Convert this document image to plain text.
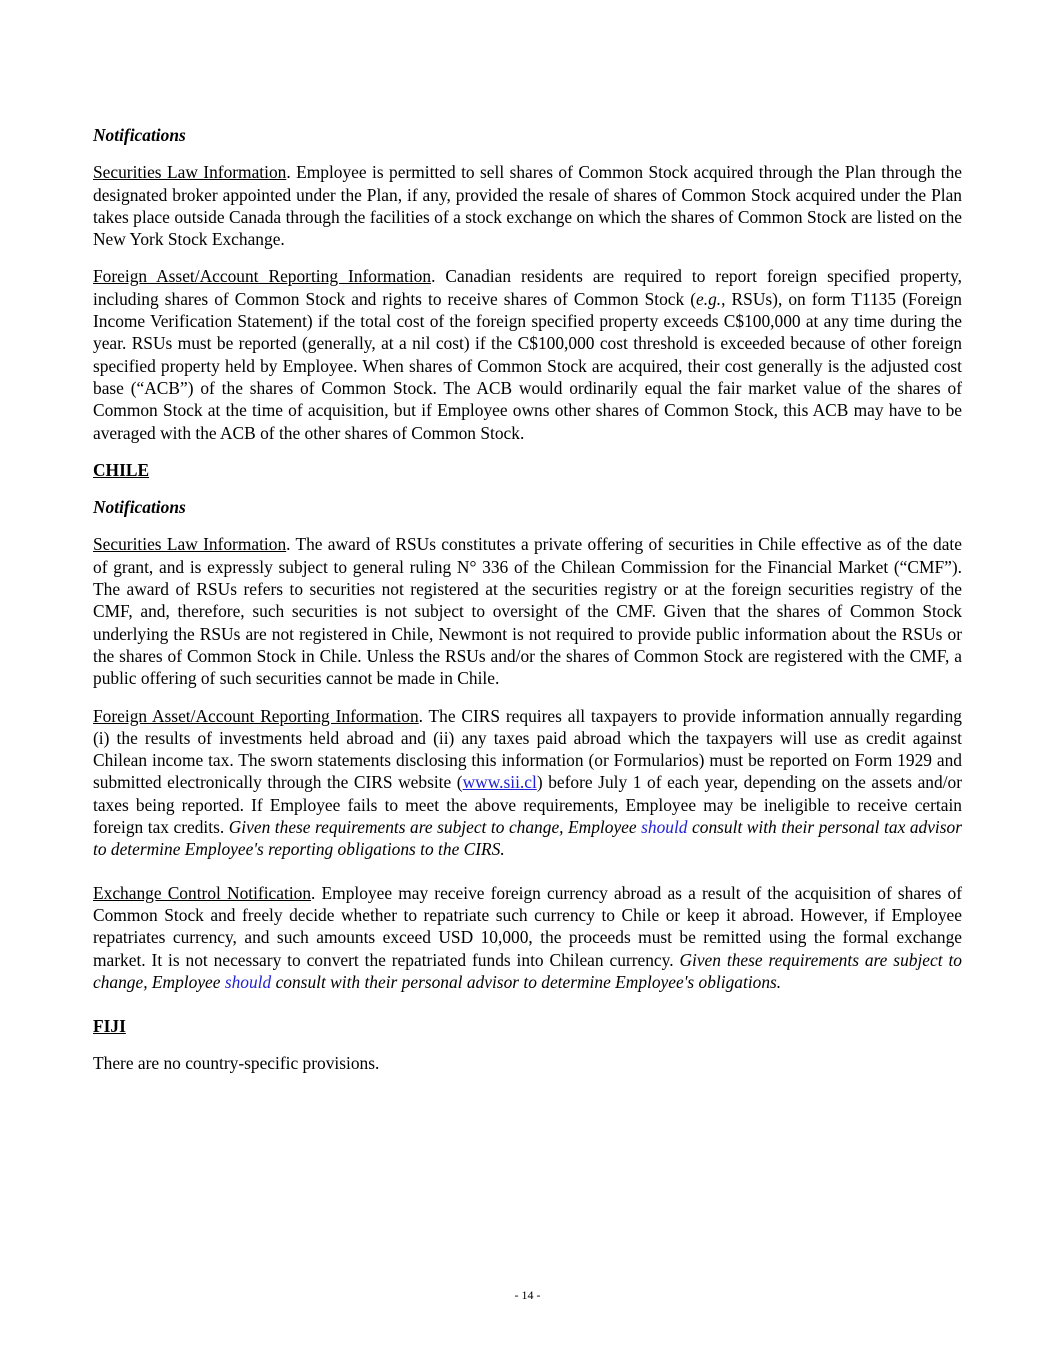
Notifications

Securities Law Information. Employee is permitted to sell shares of Common Stock acquired through the Plan through the designated broker appointed under the Plan, if any, provided the resale of shares of Common Stock acquired under the Plan takes place outside Canada through the facilities of a stock exchange on which the shares of Common Stock are listed on the New York Stock Exchange.

Foreign Asset/Account Reporting Information. Canadian residents are required to report foreign specified property, including shares of Common Stock and rights to receive shares of Common Stock (e.g., RSUs), on form T1135 (Foreign Income Verification Statement) if the total cost of the foreign specified property exceeds C$100,000 at any time during the year. RSUs must be reported (generally, at a nil cost) if the C$100,000 cost threshold is exceeded because of other foreign specified property held by Employee. When shares of Common Stock are acquired, their cost generally is the adjusted cost base (“ACB”) of the shares of Common Stock. The ACB would ordinarily equal the fair market value of the shares of Common Stock at the time of acquisition, but if Employee owns other shares of Common Stock, this ACB may have to be averaged with the ACB of the other shares of Common Stock.

CHILE

Notifications

Securities Law Information. The award of RSUs constitutes a private offering of securities in Chile effective as of the date of grant, and is expressly subject to general ruling N° 336 of the Chilean Commission for the Financial Market (“CMF”). The award of RSUs refers to securities not registered at the securities registry or at the foreign securities registry of the CMF, and, therefore, such securities is not subject to oversight of the CMF. Given that the shares of Common Stock underlying the RSUs are not registered in Chile, Newmont is not required to provide public information about the RSUs or the shares of Common Stock in Chile. Unless the RSUs and/or the shares of Common Stock are registered with the CMF, a public offering of such securities cannot be made in Chile.

Foreign Asset/Account Reporting Information. The CIRS requires all taxpayers to provide information annually regarding (i) the results of investments held abroad and (ii) any taxes paid abroad which the taxpayers will use as credit against Chilean income tax. The sworn statements disclosing this information (or Formularios) must be reported on Form 1929 and submitted electronically through the CIRS website (www.sii.cl) before July 1 of each year, depending on the assets and/or taxes being reported. If Employee fails to meet the above requirements, Employee may be ineligible to receive certain foreign tax credits. Given these requirements are subject to change, Employee should consult with their personal tax advisor to determine Employee's reporting obligations to the CIRS.

Exchange Control Notification. Employee may receive foreign currency abroad as a result of the acquisition of shares of Common Stock and freely decide whether to repatriate such currency to Chile or keep it abroad. However, if Employee repatriates currency, and such amounts exceed USD 10,000, the proceeds must be remitted using the formal exchange market. It is not necessary to convert the repatriated funds into Chilean currency. Given these requirements are subject to change, Employee should consult with their personal advisor to determine Employee's obligations.

FIJI

There are no country-specific provisions.

- 14 -
